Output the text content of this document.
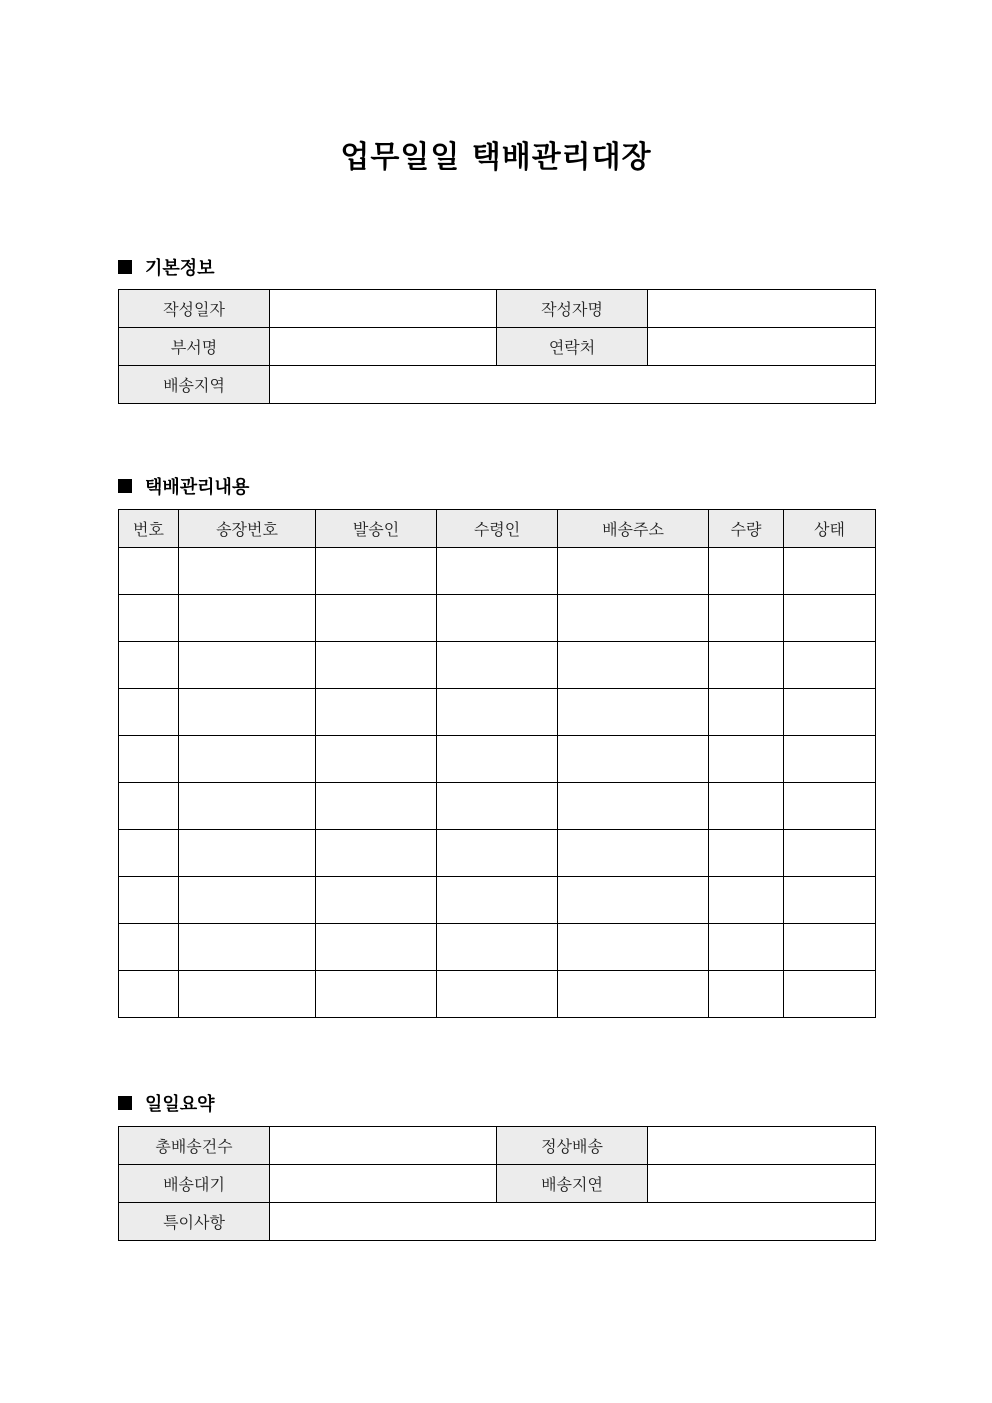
업무일일 택배관리대장
기본정보
작성일자		작성자명	
부서명		연락처	
배송지역			
택배관리내용
번호	송장번호	발송인	수령인	배송주소	수량	상태

일일요약
총배송건수		정상배송	
배송대기		배송지연	
특이사항			
